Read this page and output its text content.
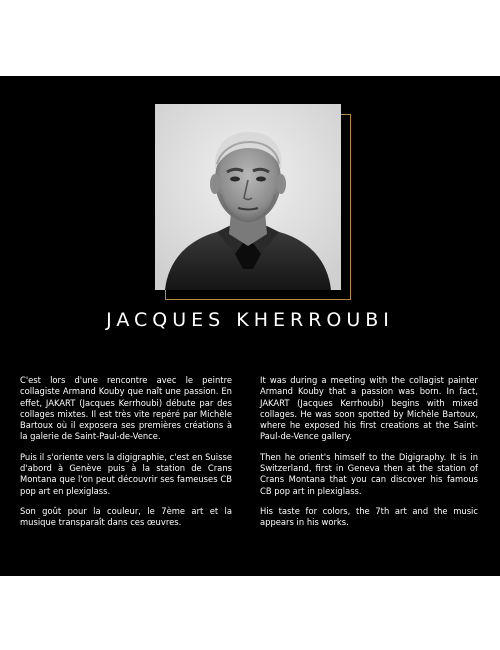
JACQUES KHERROUBI

C'est lors d'une rencontre avec le peintre collagiste Armand Kouby que naît une passion. En effet, JAKART (Jacques Kerrhoubi) débute par des collages mixtes. Il est très vite repéré par Michèle Bartoux où il exposera ses premières créations à la galerie de Saint-Paul-de-Vence.

Puis il s'oriente vers la digigraphie, c'est en Suisse d'abord à Genève puis à la station de Crans Montana que l'on peut découvrir ses fameuses CB pop art en plexiglass.

Son goût pour la couleur, le 7ème art et la musique transparaît dans ces œuvres.

It was during a meeting with the collagist painter Armand Kouby that a passion was born. In fact, JAKART (Jacques Kerrhoubi) begins with mixed collages. He was soon spotted by Michèle Bartoux, where he exposed his first creations at the Saint-Paul-de-Vence gallery.

Then he orient's himself to the Digigraphy. It is in Switzerland, first in Geneva then at the station of Crans Montana that you can discover his famous CB pop art in plexiglass.

His taste for colors, the 7th art and the music appears in his works.
